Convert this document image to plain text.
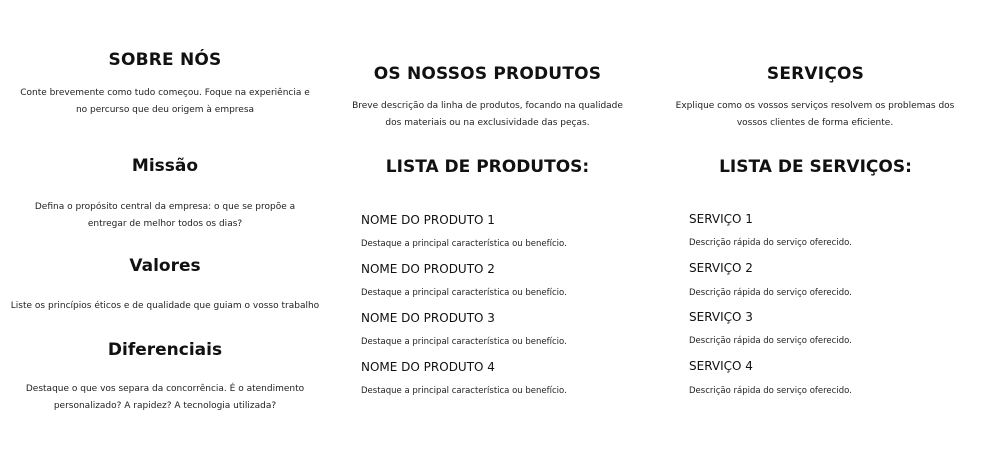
SOBRE NÓS
Conte brevemente como tudo começou. Foque na experiência e no percurso que deu origem à empresa
Missão
Defina o propósito central da empresa: o que se propõe a entregar de melhor todos os dias?
Valores
Liste os princípios éticos e de qualidade que guiam o vosso trabalho
Diferenciais
Destaque o que vos separa da concorrência. É o atendimento personalizado? A rapidez? A tecnologia utilizada?
OS NOSSOS PRODUTOS
Breve descrição da linha de produtos, focando na qualidade dos materiais ou na exclusividade das peças.
LISTA DE PRODUTOS:
NOME DO PRODUTO 1
Destaque a principal característica ou benefício.
NOME DO PRODUTO 2
Destaque a principal característica ou benefício.
NOME DO PRODUTO 3
Destaque a principal característica ou benefício.
NOME DO PRODUTO 4
Destaque a principal característica ou benefício.
SERVIÇOS
Explique como os vossos serviços resolvem os problemas dos vossos clientes de forma eficiente.
LISTA DE SERVIÇOS:
SERVIÇO 1
Descrição rápida do serviço oferecido.
SERVIÇO 2
Descrição rápida do serviço oferecido.
SERVIÇO 3
Descrição rápida do serviço oferecido.
SERVIÇO 4
Descrição rápida do serviço oferecido.
